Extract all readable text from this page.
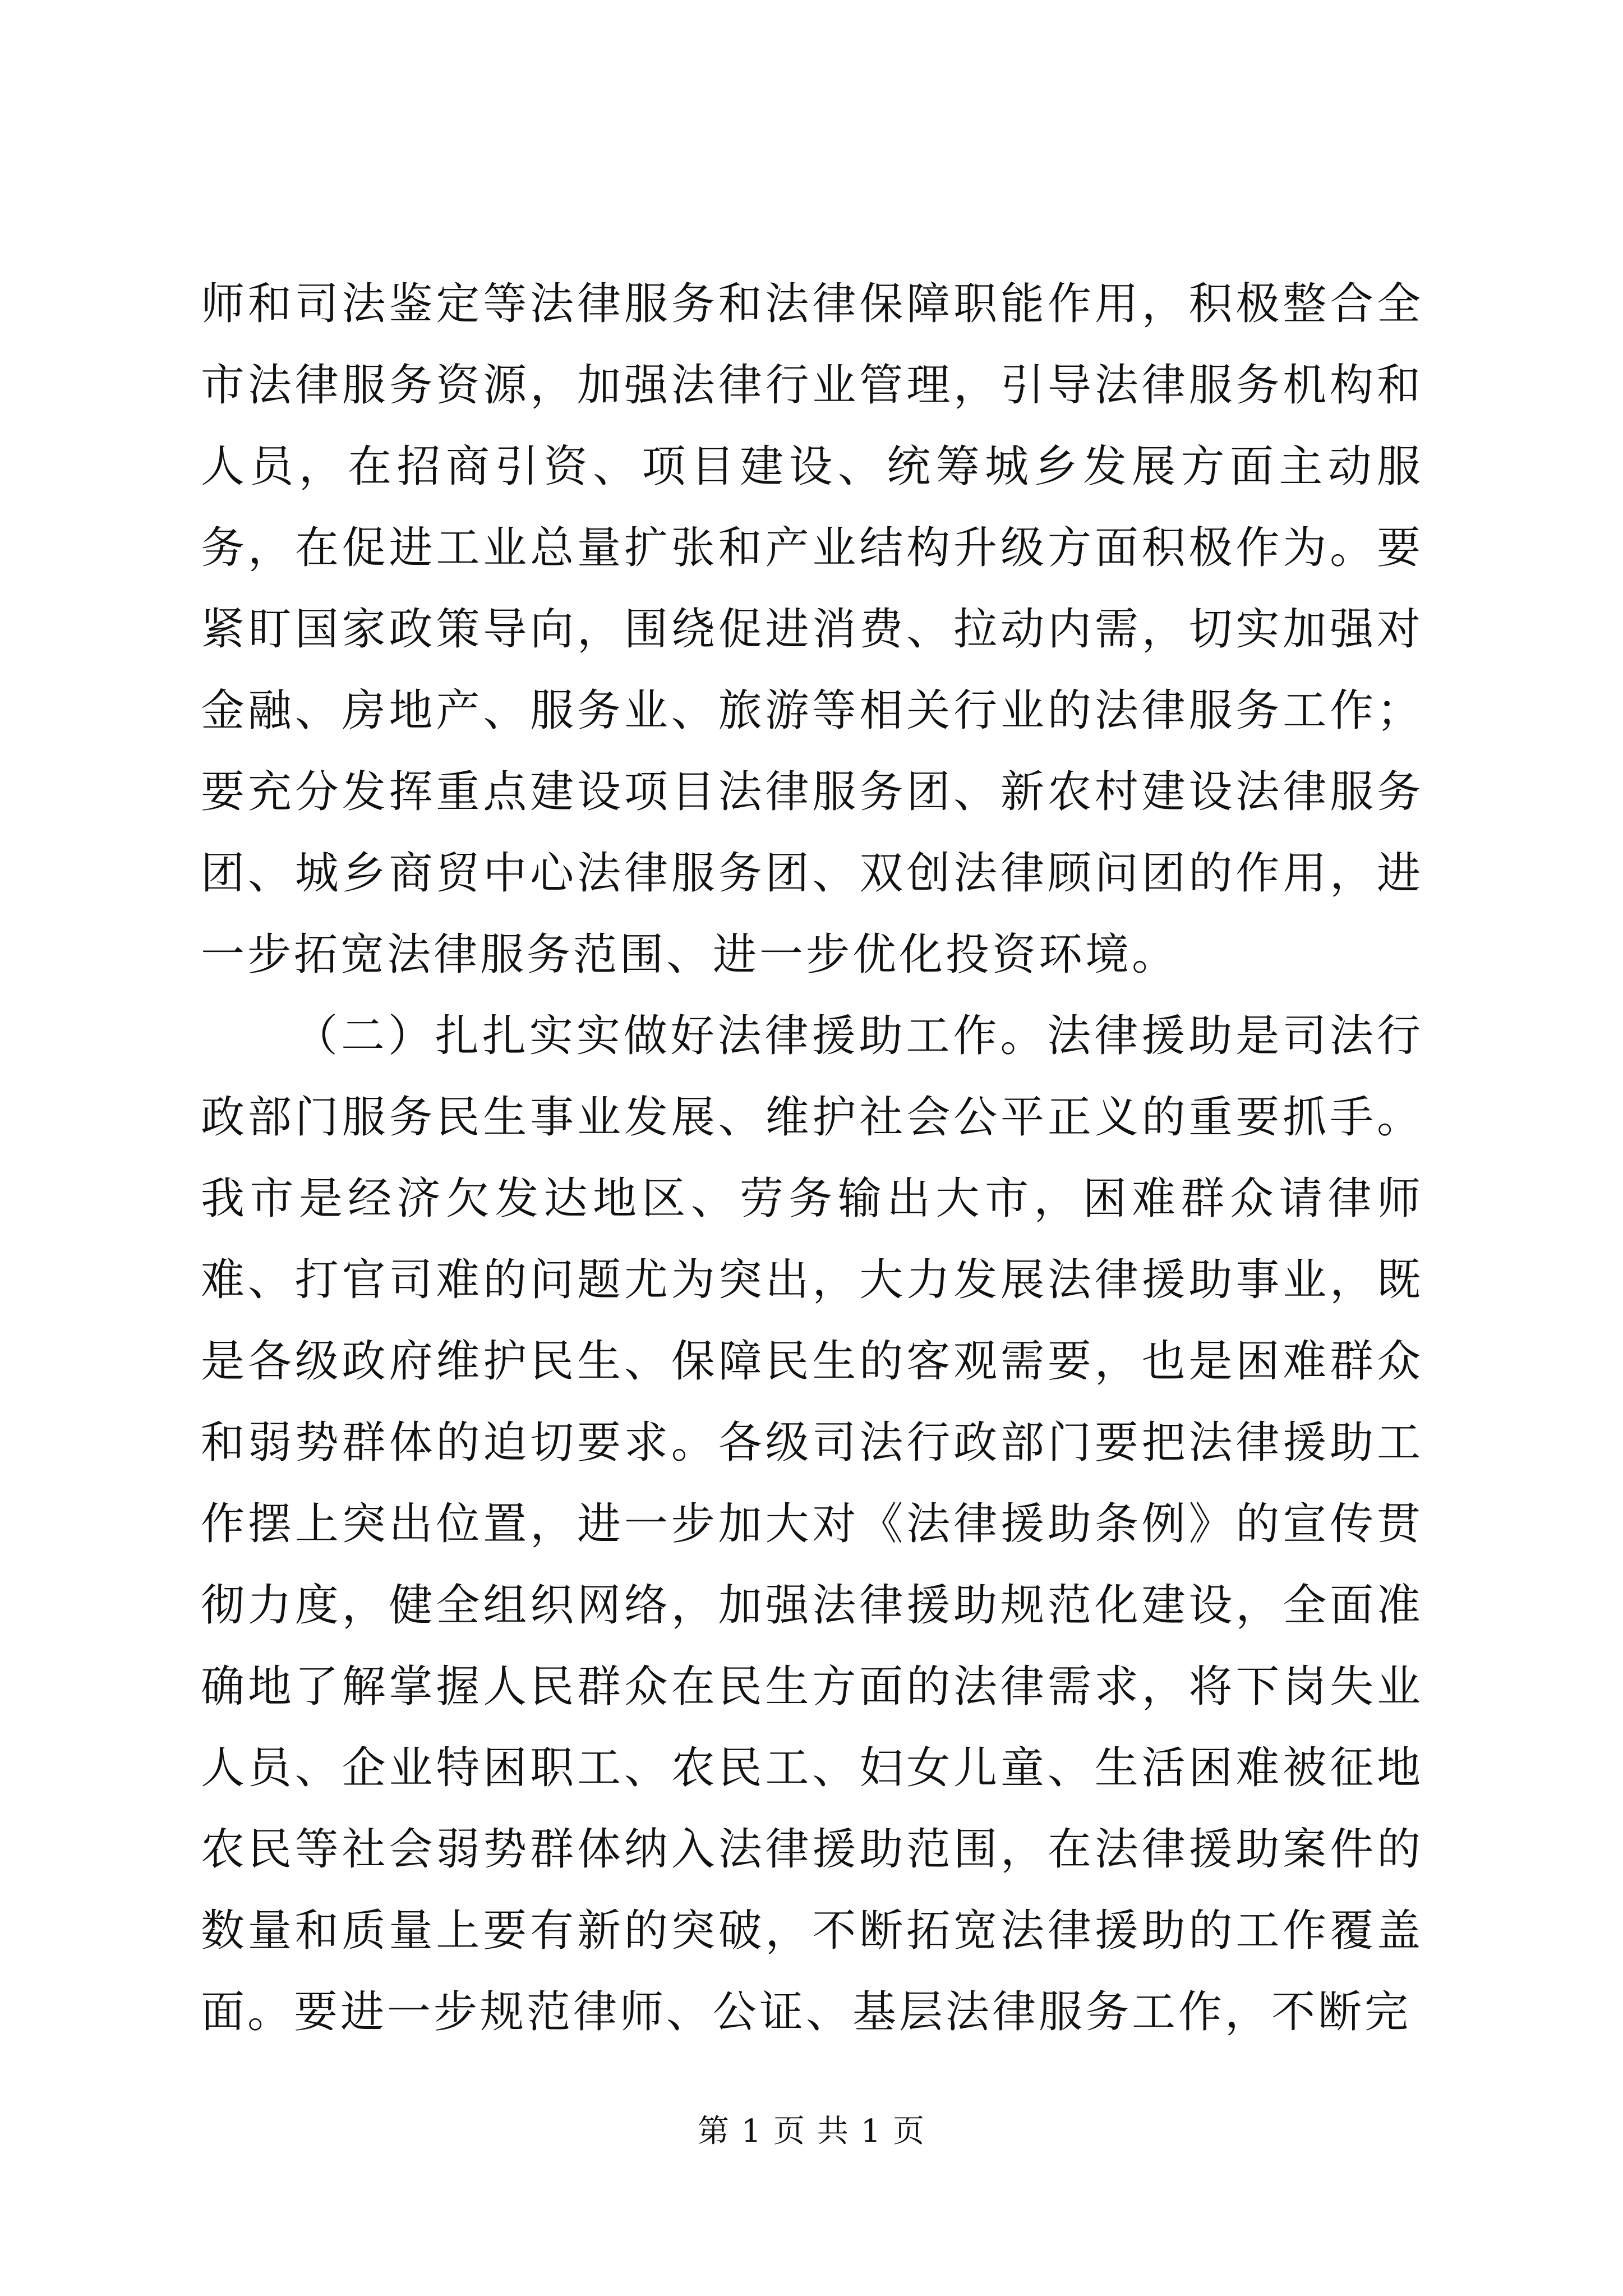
师和司法鉴定等法律服务和法律保障职能作用，积极整合全市法律服务资源，加强法律行业管理，引导法律服务机构和人员，在招商引资、项目建设、统筹城乡发展方面主动服务，在促进工业总量扩张和产业结构升级方面积极作为。要紧盯国家政策导向，围绕促进消费、拉动内需，切实加强对金融、房地产、服务业、旅游等相关行业的法律服务工作；要充分发挥重点建设项目法律服务团、新农村建设法律服务团、城乡商贸中心法律服务团、双创法律顾问团的作用，进一步拓宽法律服务范围、进一步优化投资环境。

（二）扎扎实实做好法律援助工作。法律援助是司法行政部门服务民生事业发展、维护社会公平正义的重要抓手。我市是经济欠发达地区、劳务输出大市，困难群众请律师难、打官司难的问题尤为突出，大力发展法律援助事业，既是各级政府维护民生、保障民生的客观需要，也是困难群众和弱势群体的迫切要求。各级司法行政部门要把法律援助工作摆上突出位置，进一步加大对《法律援助条例》的宣传贯彻力度，健全组织网络，加强法律援助规范化建设，全面准确地了解掌握人民群众在民生方面的法律需求，将下岗失业人员、企业特困职工、农民工、妇女儿童、生活困难被征地农民等社会弱势群体纳入法律援助范围，在法律援助案件的数量和质量上要有新的突破，不断拓宽法律援助的工作覆盖面。要进一步规范律师、公证、基层法律服务工作，不断完

第 1 页 共 1 页
